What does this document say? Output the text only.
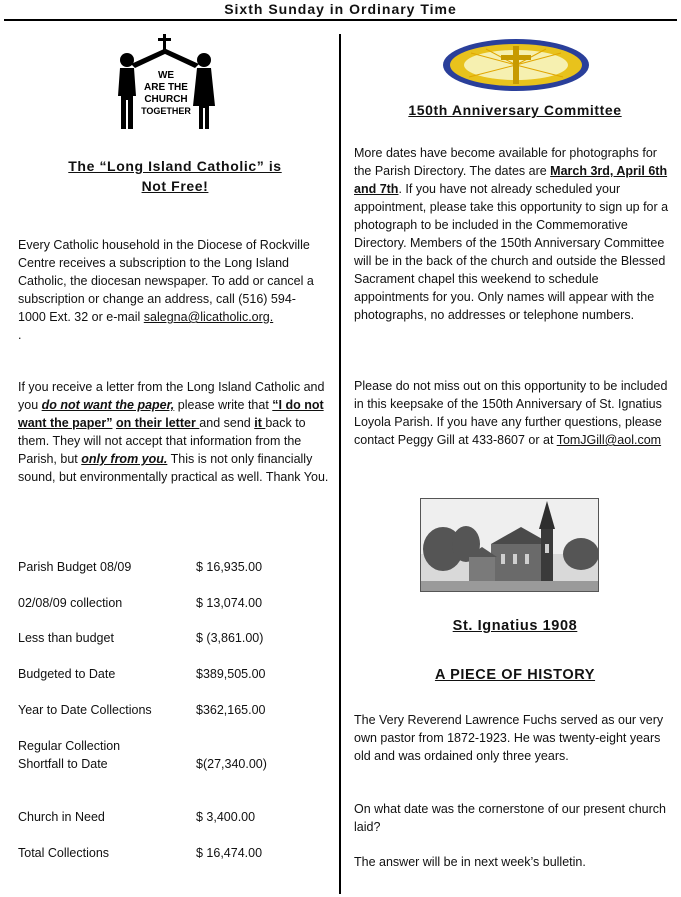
Sixth Sunday in Ordinary Time
WE
ARE THE
CHURCH
TOGETHER
The “Long Island Catholic” is
Not Free!
Every Catholic household in the Diocese of Rockville Centre receives a subscription to the Long Island Catholic, the diocesan newspaper. To add or cancel a subscription or change an address, call (516) 594-1000 Ext. 32 or e-mail salegna@licatholic.org.
.
If you receive a letter from the Long Island Catholic and you do not want the paper, please write that “I do not want the paper” on their letter and send it back to them. They will not accept that information from the Parish, but only from you. This is not only financially sound, but environmentally practical as well. Thank You.
Parish Budget 08/09	$ 16,935.00
02/08/09 collection	$ 13,074.00
Less than budget	$ (3,861.00)
Budgeted to Date	$389,505.00
Year to Date Collections	$362,165.00
Regular Collection
Shortfall to Date	$(27,340.00)
Church in Need	$ 3,400.00
Total Collections	$ 16,474.00
150th Anniversary Committee
More dates have become available for photographs for the Parish Directory. The dates are March 3rd, April 6th and 7th. If you have not already scheduled your appointment, please take this opportunity to sign up for a photograph to be included in the Commemorative Directory. Members of the 150th Anniversary Committee will be in the back of the church and outside the Blessed Sacrament chapel this weekend to schedule appointments for you. Only names will appear with the photographs, no addresses or telephone numbers.
Please do not miss out on this opportunity to be included in this keepsake of the 150th Anniversary of St. Ignatius Loyola Parish. If you have any further questions, please contact Peggy Gill at 433-8607 or at TomJGill@aol.com
St. Ignatius 1908
A PIECE OF HISTORY
The Very Reverend Lawrence Fuchs served as our very own pastor from 1872-1923. He was twenty-eight years old and was ordained only three years.
On what date was the cornerstone of our present church laid?
The answer will be in next week’s bulletin.
